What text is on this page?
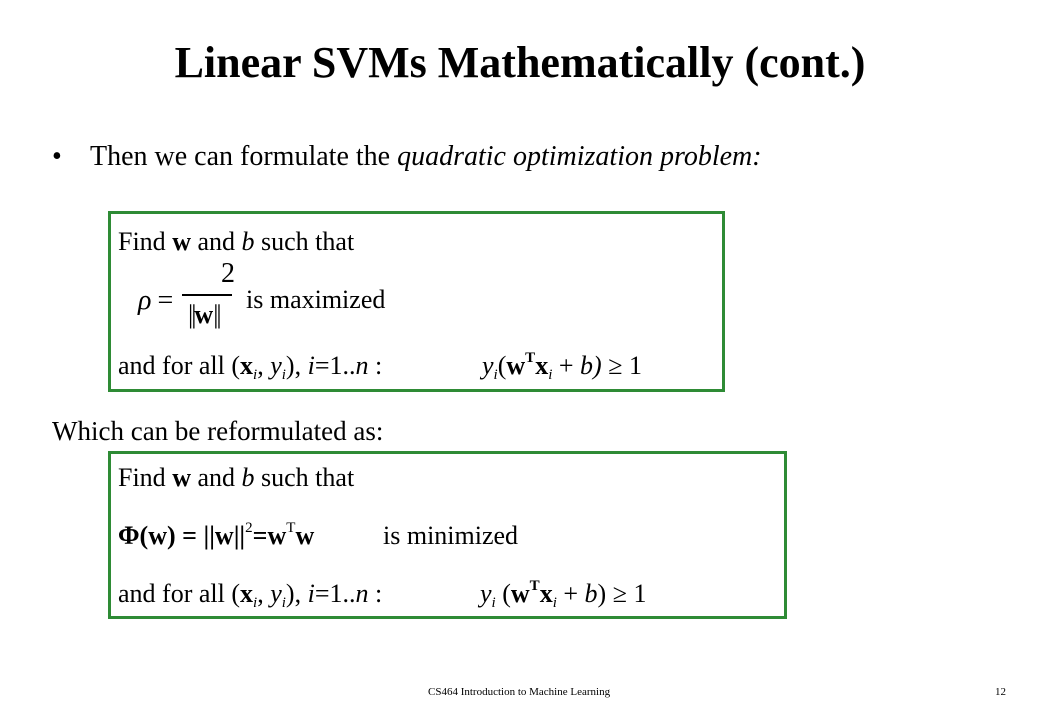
Linear SVMs Mathematically (cont.)
• Then we can formulate the quadratic optimization problem:
Find w and b such that
ρ =
2
||w||
is maximized
and for all ($x_i$, $y_i$), i=1..n :	$y_i(w^Tx_i + b) \ge 1$
Which can be reformulated as:
Find w and b such that
$\Phi(w) = ||w||^2=w^Tw$	is minimized
and for all ($x_i$, $y_i$), i=1..n :	$y_i$ $(w^Tx_i + b) \ge 1$
CS464 Introduction to Machine Learning	12
